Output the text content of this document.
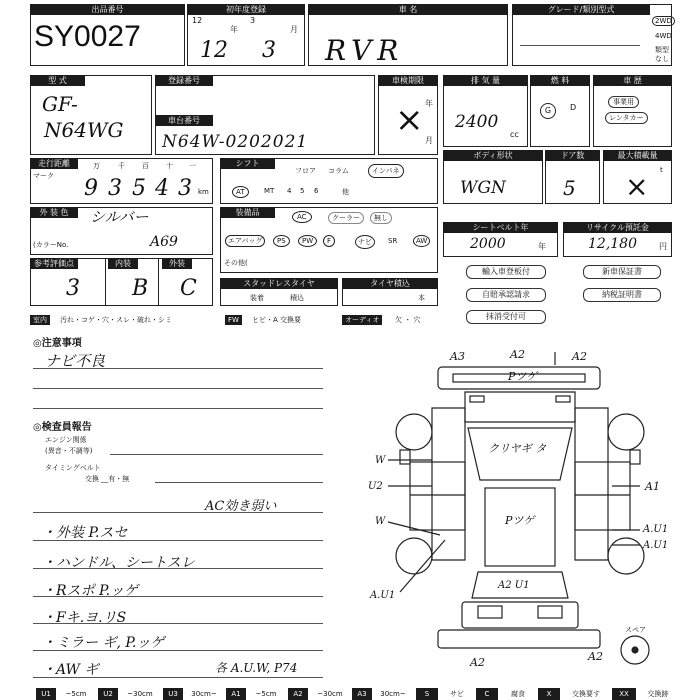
出品番号
SY0027
初年度登録
12
年
3
月
12 3
車 名
RVR
グレード/類別型式
2WD
4WD
類型なし
型 式
GF-
N64WG
登録番号
車台番号
N64W-0202021
車検期限
年
月
×
排 気 量
2400
cc
燃 料
G	D
車 歴
事業用
レンタカー
走行距離
マーク
万	千 百 十 一
9 3 5 4 3 km
シフト
フロア コラム	インパネ
AT	MT 4 5 6	他
ボディ形状
WGN
ドア数
5
最大積載量
t
×
外 装 色	シルバー
(カラーNo.	A69
装備品	AC	クーラー	無し
エアバッグ	PS	PW	F	ナビ	SR	AW
その他(
シートベルト年
2000	年
リサイクル預託金
12,180	円
参考評価点	内装	外装
3 B C	スタッドレスタイヤ
装着	積込
タイヤ積込
本
輸入車登板付	新車保証書
自賠承認請求	納税証明書
抹消受付可
室内	汚れ・コゲ・穴・スレ・破れ・シミ	FW	ヒビ・A 交換要	オーディオ	欠 ・ 穴
◎注意事項
ナビ不良
◎検査員報告
エンジン関係
(異音・不調等)
タイミングベルト
交換 __有・無
AC効き弱い
・外装 P.スセ
・ハンドル、シートスレ
・Rスポ P.ッゲ
・Fキ.ヨ.リS
・ミラー ギ, P.ッゲ
・AW ギ	各 A.U.W, P74
A3	A2	A2
Pツゲ
クリヤギ タ
W
U2
W	Pツゲ
A1
A.U1
A.U1
A.U1
A2 U1
A2	A2
スペア
U1	~5cm	U2	~30cm	U3	30cm~	A1	~5cm	A2	~30cm	A3	30cm~	S	サビ	C	腐食	X	交換要す	XX	交換跡
